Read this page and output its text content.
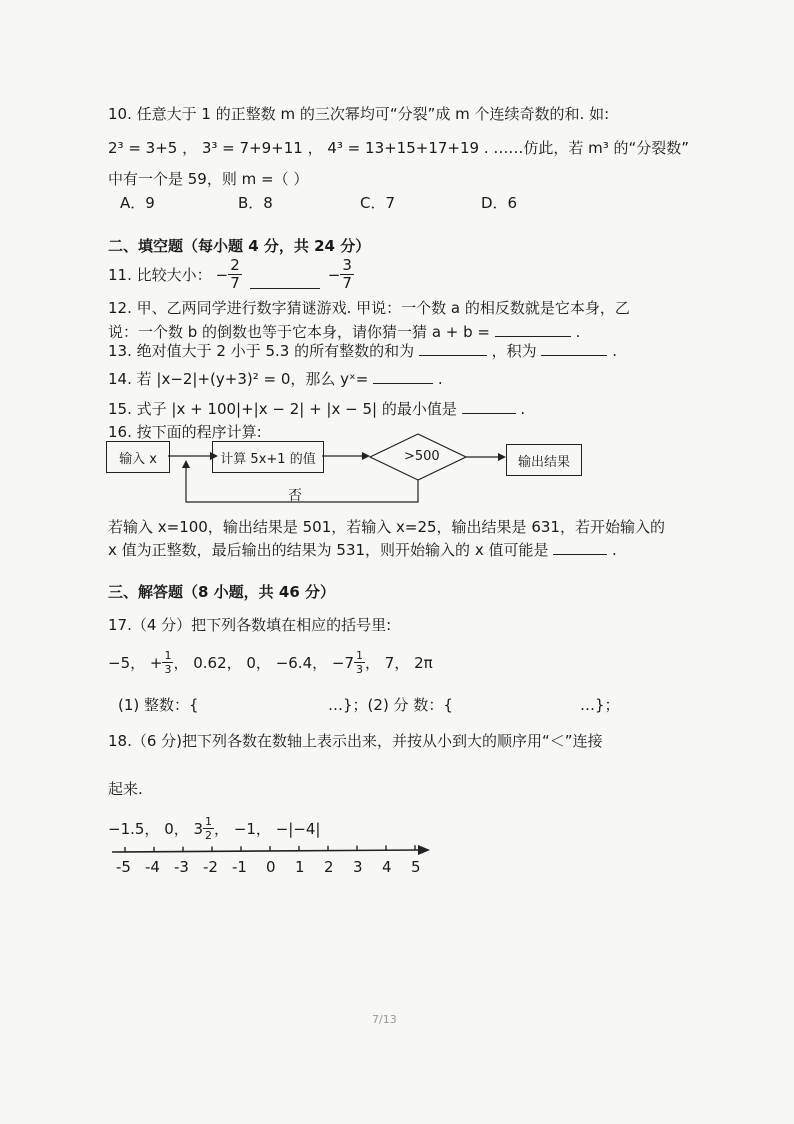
10. 任意大于 1 的正整数 m 的三次幂均可“分裂”成 m 个连续奇数的和. 如:
2³ = 3+5 ， 3³ = 7+9+11 ， 4³ = 13+15+17+19 . ……仿此，若 m³ 的“分裂数”
中有一个是 59，则 m =（ ）
A．9	B．8	C．7	D．6
二、填空题（每小题 4 分，共 24 分）
11. 比较大小： − $\frac{2}{7}$	− $\frac{3}{7}$
12. 甲、乙两同学进行数字猜谜游戏. 甲说：一个数 a 的相反数就是它本身，乙
说：一个数 b 的倒数也等于它本身，请你猜一猜 a + b =	.
13. 绝对值大于 2 小于 5.3 的所有整数的和为	，积为	.
14. 若 |x−2|+(y+3)² = 0，那么 yˣ=	.
15. 式子 |x + 100|+|x − 2| + |x − 5| 的最小值是	.
16. 按下面的程序计算:
输入 x	计算 5x+1 的值	输出结果
>500
否
若输入 x=100，输出结果是 501，若输入 x=25，输出结果是 631，若开始输入的
x 值为正整数，最后输出的结果为 531，则开始输入的 x 值可能是	.
三、解答题（8 小题，共 46 分）
17.（4 分）把下列各数填在相应的括号里:
−5， + $\frac{1}{3}$ ， 0.62， 0， −6.4， $-7 \frac{1}{3}$ ， 7， 2π
(1) 整数：{	…}；(2) 分 数：{	…}；
18.（6 分)把下列各数在数轴上表示出来，并按从小到大的顺序用“＜”连接
起来.
−1.5， 0， $3 \frac{1}{2}$ ， −1， −|−4|
-5 -4 -3 -2 -1 0 1 2 3 4 5
7/13
